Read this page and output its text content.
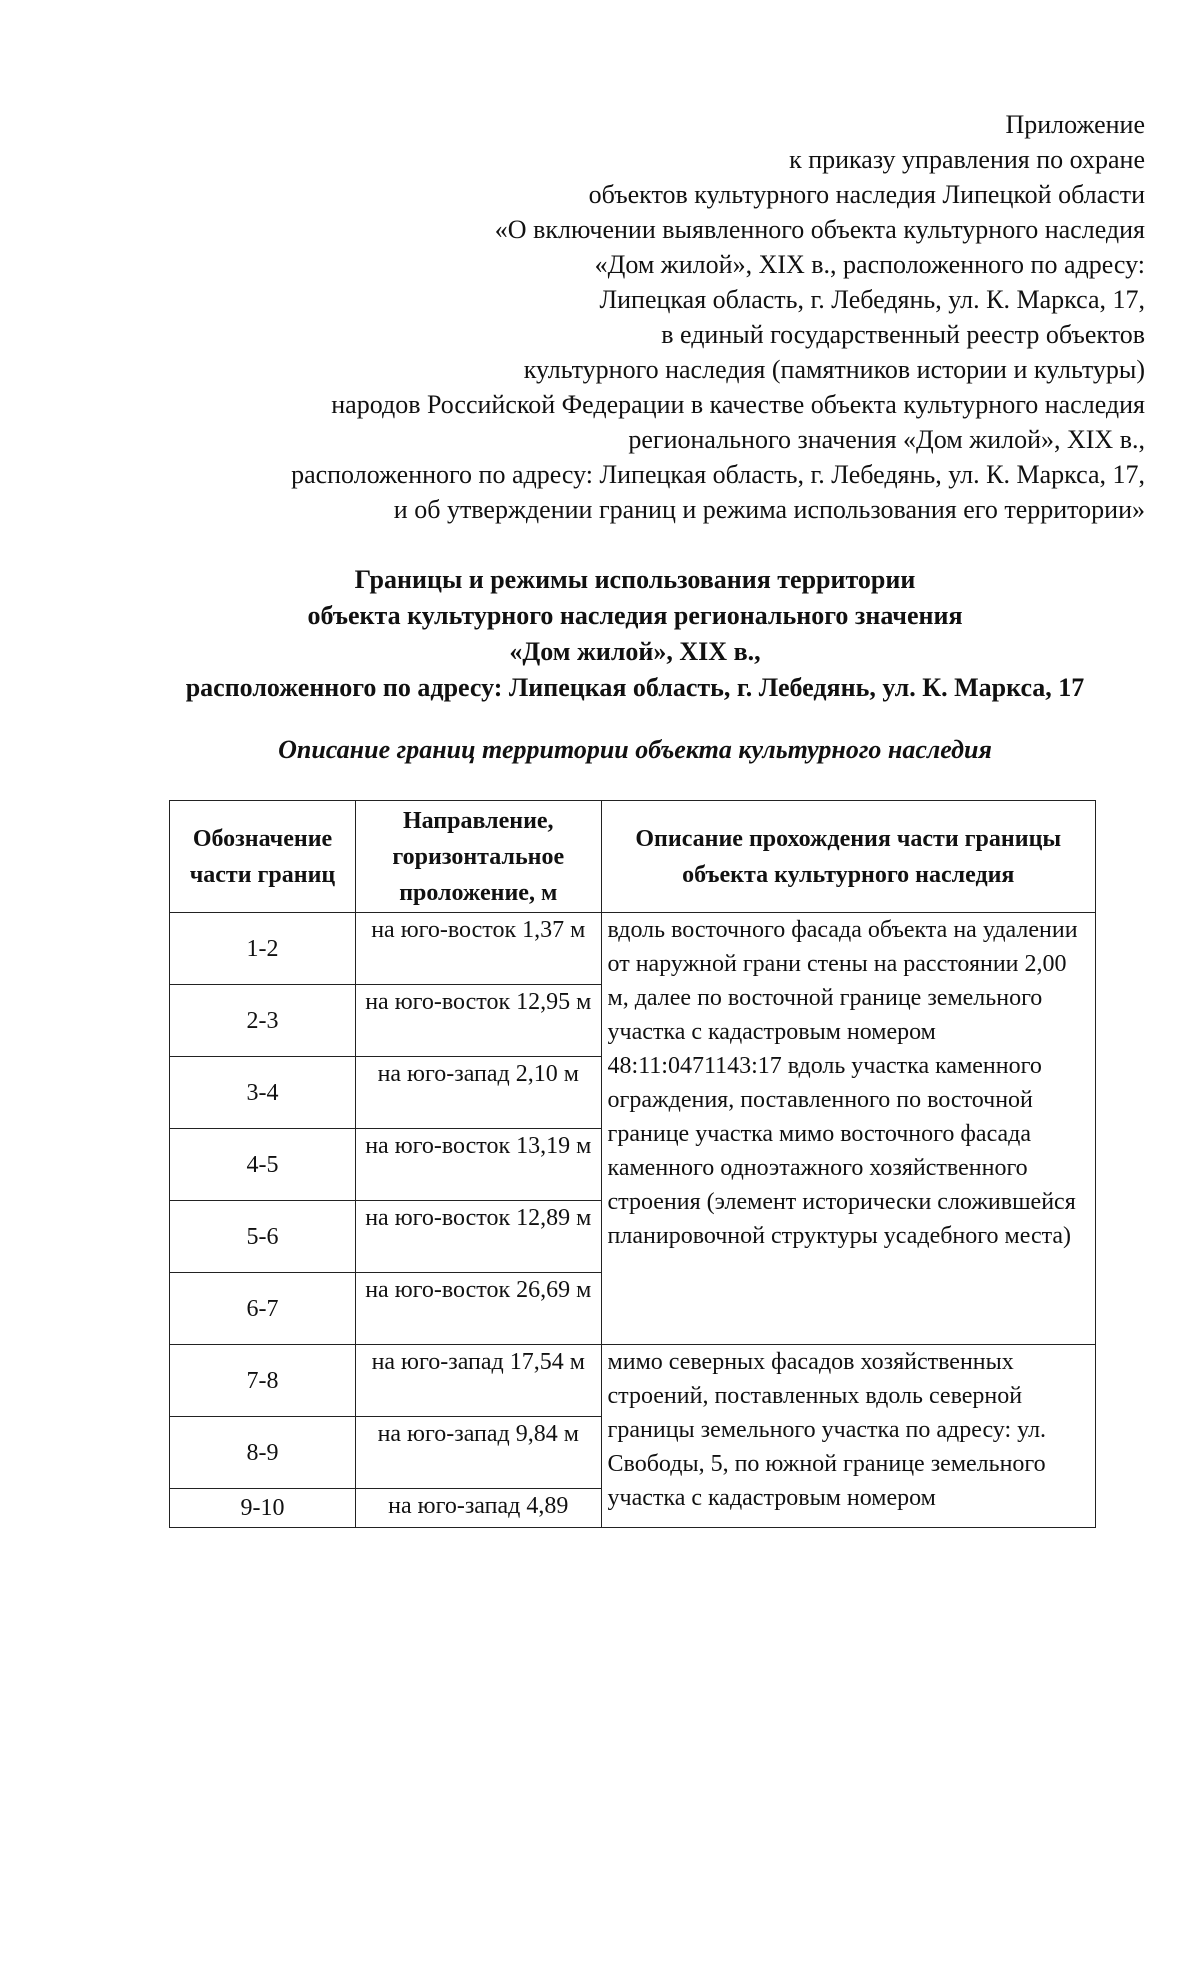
Приложение
к приказу управления по охране
объектов культурного наследия Липецкой области
«О включении выявленного объекта культурного наследия
«Дом жилой», XIX в., расположенного по адресу:
Липецкая область, г. Лебедянь, ул. К. Маркса, 17,
в единый государственный реестр объектов
культурного наследия (памятников истории и культуры)
народов Российской Федерации в качестве объекта культурного наследия
регионального значения «Дом жилой», XIX в.,
расположенного по адресу: Липецкая область, г. Лебедянь, ул. К. Маркса, 17,
и об утверждении границ и режима использования его территории»
Границы и режимы использования территории
объекта культурного наследия регионального значения
«Дом жилой», XIX в.,
расположенного по адресу: Липецкая область, г. Лебедянь, ул. К. Маркса, 17
Описание границ территории объекта культурного наследия
Обозначение части границ	Направление, горизонтальное проложение, м	Описание прохождения части границы объекта культурного наследия
1-2	на юго-восток 1,37 м	вдоль восточного фасада объекта на удалении от наружной грани стены на расстоянии 2,00 м, далее по восточной границе земельного участка с кадастровым номером 48:11:0471143:17 вдоль участка каменного ограждения, поставленного по восточной границе участка мимо восточного фасада каменного одноэтажного хозяйственного строения (элемент исторически сложившейся планировочной структуры усадебного места)
2-3	на юго-восток 12,95 м	
3-4	на юго-запад 2,10 м	
4-5	на юго-восток 13,19 м	
5-6	на юго-восток 12,89 м	
6-7	на юго-восток 26,69 м	
7-8	на юго-запад 17,54 м	мимо северных фасадов хозяйственных строений, поставленных вдоль северной границы земельного участка по адресу: ул. Свободы, 5, по южной границе земельного участка с кадастровым номером
8-9	на юго-запад 9,84 м	
9-10	на юго-запад 4,89	
